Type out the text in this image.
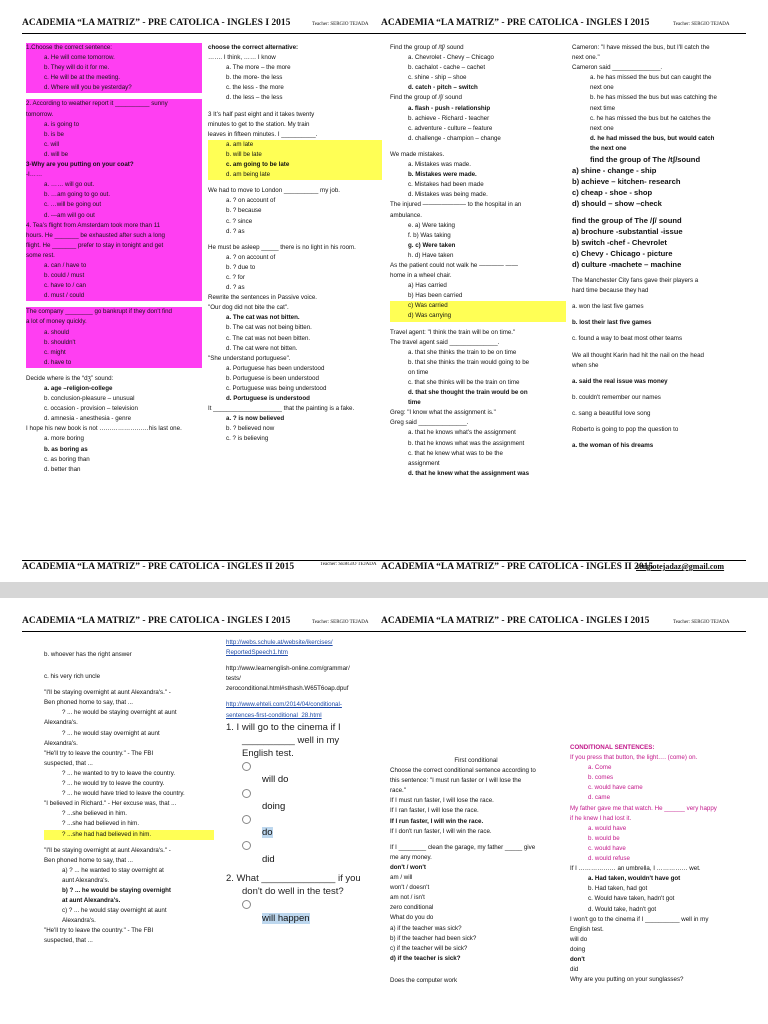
ACADEMIA “LA MATRIZ” - PRE CATOLICA - INGLÉS I 2015	Teacher: SERGIO TEJADA ACADEMIA “LA MATRIZ” - PRE CATOLICA - INGLÉS I 2015	Teacher: SERGIO TEJADA
1.Choose the correct sentence:
a. He will come tomorrow.
b. They will do it for me.
c. He will be at the meeting.
d. Where will you be yesterday?
2. According to weather report it __________ sunny
tomorrow.
a. is going to
b. is be
c. will
d. will be
3-Why are you putting on your coat?
-I……
a. …… will go out.
b. …am going to go out.
c. …will be going out
d. ---am will go out
4. Tea’s flight from Amsterdam took more than 11
hours. He _______ be exhausted after such a long
flight. He _______ prefer to stay in tonight and get
some rest.
a. can / have to
b. could / must
c. have to / can
d. must / could
The company ________ go bankrupt if they don't find
a lot of money quickly.
a. should
b. shouldn't
c. might
d. have to
Decide where is the “dʒ” sound:
a. age –religion-college
b. conclusion-pleasure – unusual
c. occasion - provision – television
d. amnesia - anesthesia - genre
I hope his new book is not ……………………his last one.
a. more boring
b. as boring as
c. as boring than
d. better than
choose the correct alternative:
……. I think, …… I know
a. The more – the more
b. the more- the less
c. the less - the more
d. the less – the less
3 It’s half past eight and it takes twenty
minutes to get to the station. My train
leaves in fifteen minutes. I __________.
a. am late
b. will be late
c. am going to be late
d. am being late
We had to move to London __________ my job.
a. ? on account of
b. ? because
c. ? since
d. ? as
He must be asleep _____ there is no light in his room.
a. ? on account of
b. ? due to
c. ? for
d. ? as
Rewrite the sentences in Passive voice.
"Our dog did not bite the cat".
a. The cat was not bitten.
b. The cat was not being bitten.
c. The cat was not been bitten.
d. The cat were not bitten.
"She understand portuguese".
a. Portuguese has been understood
b. Portuguese is been understood
c. Portuguese was being understood
d. Portuguese is understood
It ____________________ that the painting is a fake.
a. ? is now believed
b. ? believed now
c. ? is believing
Find the group of /tʃ/ sound
a. Chevrolet - Chevy – Chicago
b. cachalot - cache – cachet
c. shine - ship – shoe
d. catch - pitch – switch
Find the group of /ʃ/ sound
a. flash - push - relationship
b. achieve - Richard - teacher
c. adventure - culture – feature
d. challenge - champion – change
We made mistakes.
a. Mistakes was made.
b. Mistakes were made.
c. Mistakes had been made
d. Mistakes was being made.
The injured ——————— to the hospital in an
ambulance.
e. a) Were taking
f. b) Was taking
g. c) Were taken
h. d) Have taken
As the patient could not walk he ———— ——
home in a wheel chair.
a) Has carried
b) Has been carried
c) Was carried
d) Was carrying
Travel agent: "I think the train will be on time."
The travel agent said ______________.
a. that she thinks the train to be on time
b. that she thinks the train would going to be
on time
c. that she thinks will be the train on time
d. that she thought the train would be on
time
Greg: "I know what the assignment is."
Greg said ______________.
a. that he knows what's the assignment
b. that he knows what was the assignment
c. that he knew what was to be the
assignment
d. that he knew what the assignment was
Cameron: "I have missed the bus, but I'll catch the
next one."
Cameron said ______________.
a. he has missed the bus but can caught the
next one
b. he has missed the bus but was catching the
next time
c. he has missed the bus but he catches the
next one
d. he had missed the bus, but would catch
the next one
find the group of The /tʃ/sound
a) shine - change - ship
b) achieve – kitchen- research
c) cheap - shoe - shop
d) should – show –check
find the group of The /ʃ/ sound
a) brochure -substantial -issue
b) switch -chef - Chevrolet
c) Chevy - Chicago - picture
d) culture -machete – machine
The Manchester City fans gave their players a
hard time because they had
a. won the last five games
b. lost their last five games
c. found a way to beat most other teams
We all thought Karin had hit the nail on the head
when she
a. said the real issue was money
b. couldn't remember our names
c. sang a beautiful love song
Roberto is going to pop the question to
a. the woman of his dreams
ACADEMIA “LA MATRIZ” - PRE CATOLICA - INGLÉS II 2015	Teacher: SERGIO TEJADA ACADEMIA “LA MATRIZ” - PRE CATOLICA - INGLÉS II 2015
sergiotejadaz@gmail.com
ACADEMIA “LA MATRIZ” - PRE CATOLICA - INGLÉS I 2015	Teacher: SERGIO TEJADA ACADEMIA “LA MATRIZ” - PRE CATOLICA - INGLÉS I 2015	Teacher: SERGIO TEJADA
b. whoever has the right answer
c. his very rich uncle
"I'll be staying overnight at aunt Alexandra's." -
Ben phoned home to say, that ...
? ... he would be staying overnight at aunt
Alexandra's.
? ... he would stay overnight at aunt
Alexandra's.
"He'll try to leave the country." - The FBI
suspected, that ...
? ... he wanted to try to leave the country.
? ... he would try to leave the country.
? ... he would have tried to leave the country.
"I believed in Richard." - Her excuse was, that ...
? ...she believed in him.
? ...she had believed in him.
? ...she had had believed in him.
"I'll be staying overnight at aunt Alexandra's." -
Ben phoned home to say, that ...
a) ? ... he wanted to stay overnight at
aunt Alexandra's.
b) ? ... he would be staying overnight
at aunt Alexandra's.
c) ? ... he would stay overnight at aunt
Alexandra's.
"He'll try to leave the country." - The FBI
suspected, that ...
http://webs.schule.at/website/ikercises/
ReportedSpeech1.htm
http://www.learnenglish-online.com/grammar/
tests/
zeroconditional.html#sthash.W65T6oap.dpuf
http://www.ehteli.com/2014/04/conditional-
sentences-first-conditional_28.html
1. I will go to the cinema if I
__________ well in my
English test.
will do
doing
do
did
2. What ______________ if you
don't do well in the test?
will happen
First conditional
Choose the correct conditional sentence according to
this sentence: "I must run faster or I will lose the
race."
If I must run faster, I will lose the race.
If I ran faster, I will lose the race.
If I run faster, I will win the race.
If I don't run faster, I will win the race.
If I ________ clean the garage, my father _____ give
me any money.
don't / won't
am / will
won't / doesn't
am not / isn't
zero conditional
What do you do
a) if the teacher was sick?
b) if the teacher had been sick?
c) if the teacher will be sick?
d) if the teacher is sick?
Does the computer work
CONDITIONAL SENTENCES:
If you press that button, the light…. (come) on.
a. Come
b. comes
c. would have came
d. came
My father gave me that watch. He ______ very happy
if he knew I had lost it.
a. would have
b. would be
c. would have
d. would refuse
If I ……………… an umbrella, I …………… wet.
a. Had taken, wouldn't have got
b. Had taken, had got
c. Would have taken, hadn't got
d. Would take, hadn't got
I won't go to the cinema if I __________ well in my
English test.
will do
doing
don't
did
Why are you putting on your sunglasses?
